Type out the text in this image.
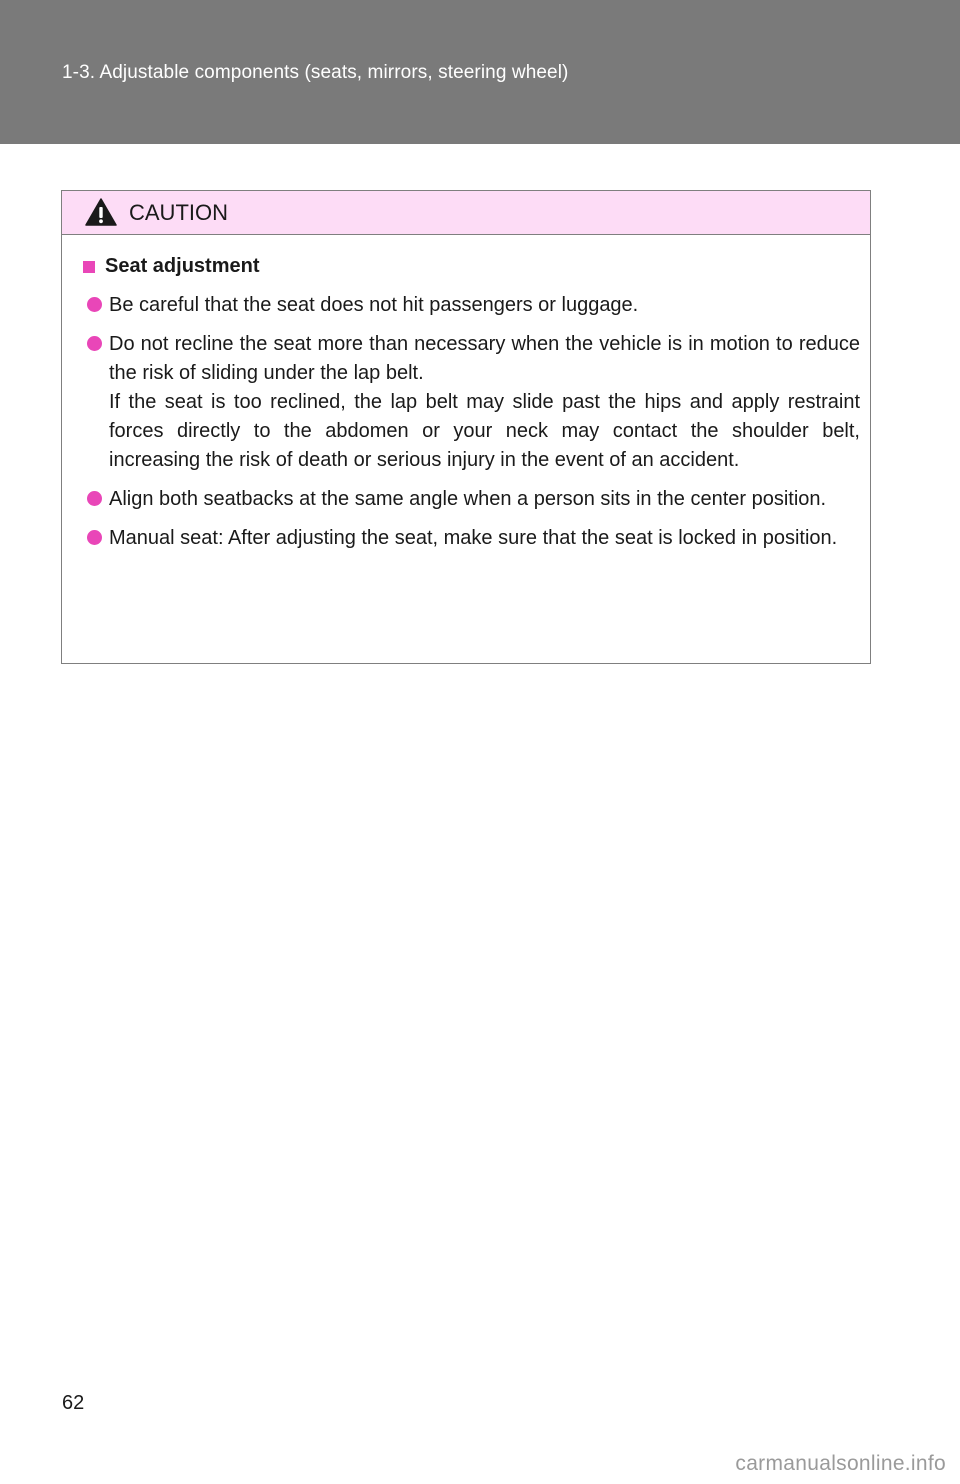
1-3. Adjustable components (seats, mirrors, steering wheel)
CAUTION
Seat adjustment

Be careful that the seat does not hit passengers or luggage.

Do not recline the seat more than necessary when the vehicle is in motion to reduce the risk of sliding under the lap belt.

If the seat is too reclined, the lap belt may slide past the hips and apply restraint forces directly to the abdomen or your neck may contact the shoulder belt, increasing the risk of death or serious injury in the event of an accident.

Align both seatbacks at the same angle when a person sits in the center position.

Manual seat: After adjusting the seat, make sure that the seat is locked in position.

62
carmanualsonline.info
